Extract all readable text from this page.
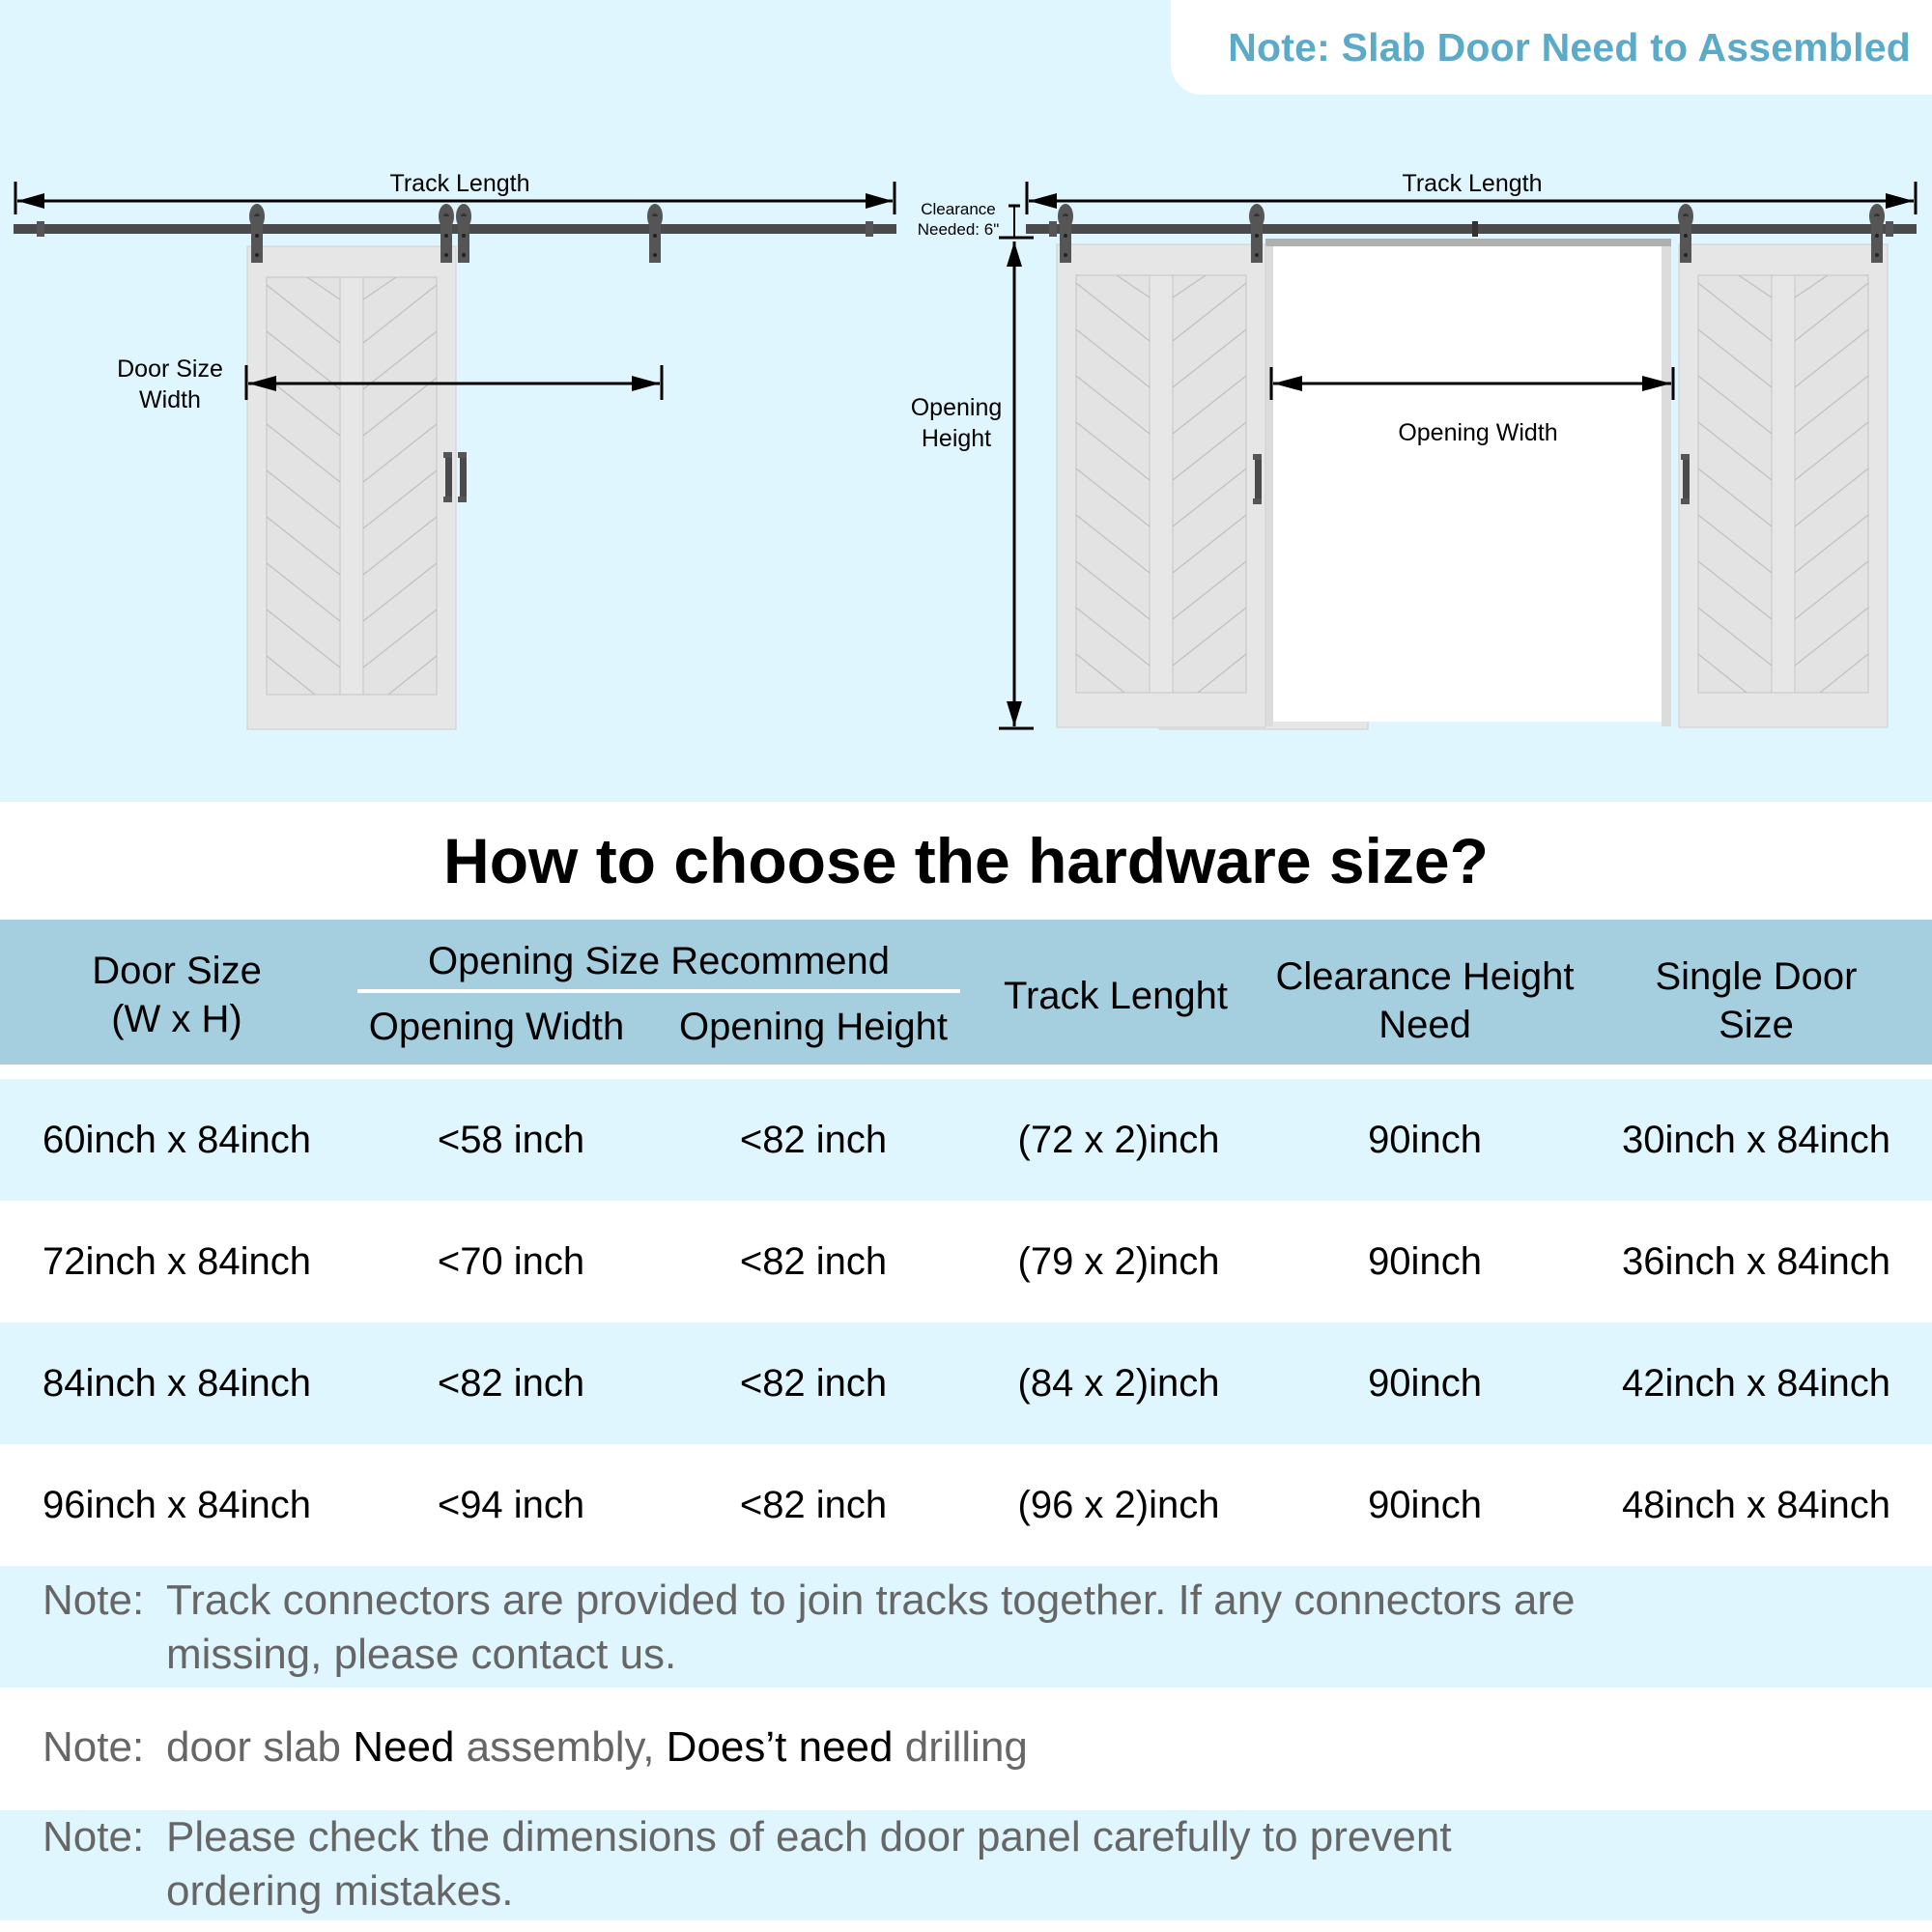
Note: Slab Door Need to Assembled
Track Length
Door Size
Width
Track Length
Clearance
Needed: 6"
Opening
Height	Opening Width
How to choose the hardware size?
Door Size
(W x H)
Opening Size Recommend
Opening Width	Opening Height
Track Lenght	Clearance Height
Need
Single Door
Size
60inch x 84inch	<58 inch	<82 inch	(72 x 2)inch	90inch	30inch x 84inch
72inch x 84inch	<70 inch	<82 inch	(79 x 2)inch	90inch	36inch x 84inch
84inch x 84inch	<82 inch	<82 inch	(84 x 2)inch	90inch	42inch x 84inch
96inch x 84inch	<94 inch	<82 inch	(96 x 2)inch	90inch	48inch x 84inch
Note: Track connectors are provided to join tracks together. If any connectors are
missing, please contact us.
Note: door slab Need assembly, Does’t need drilling
Note: Please check the dimensions of each door panel carefully to prevent
ordering mistakes.
